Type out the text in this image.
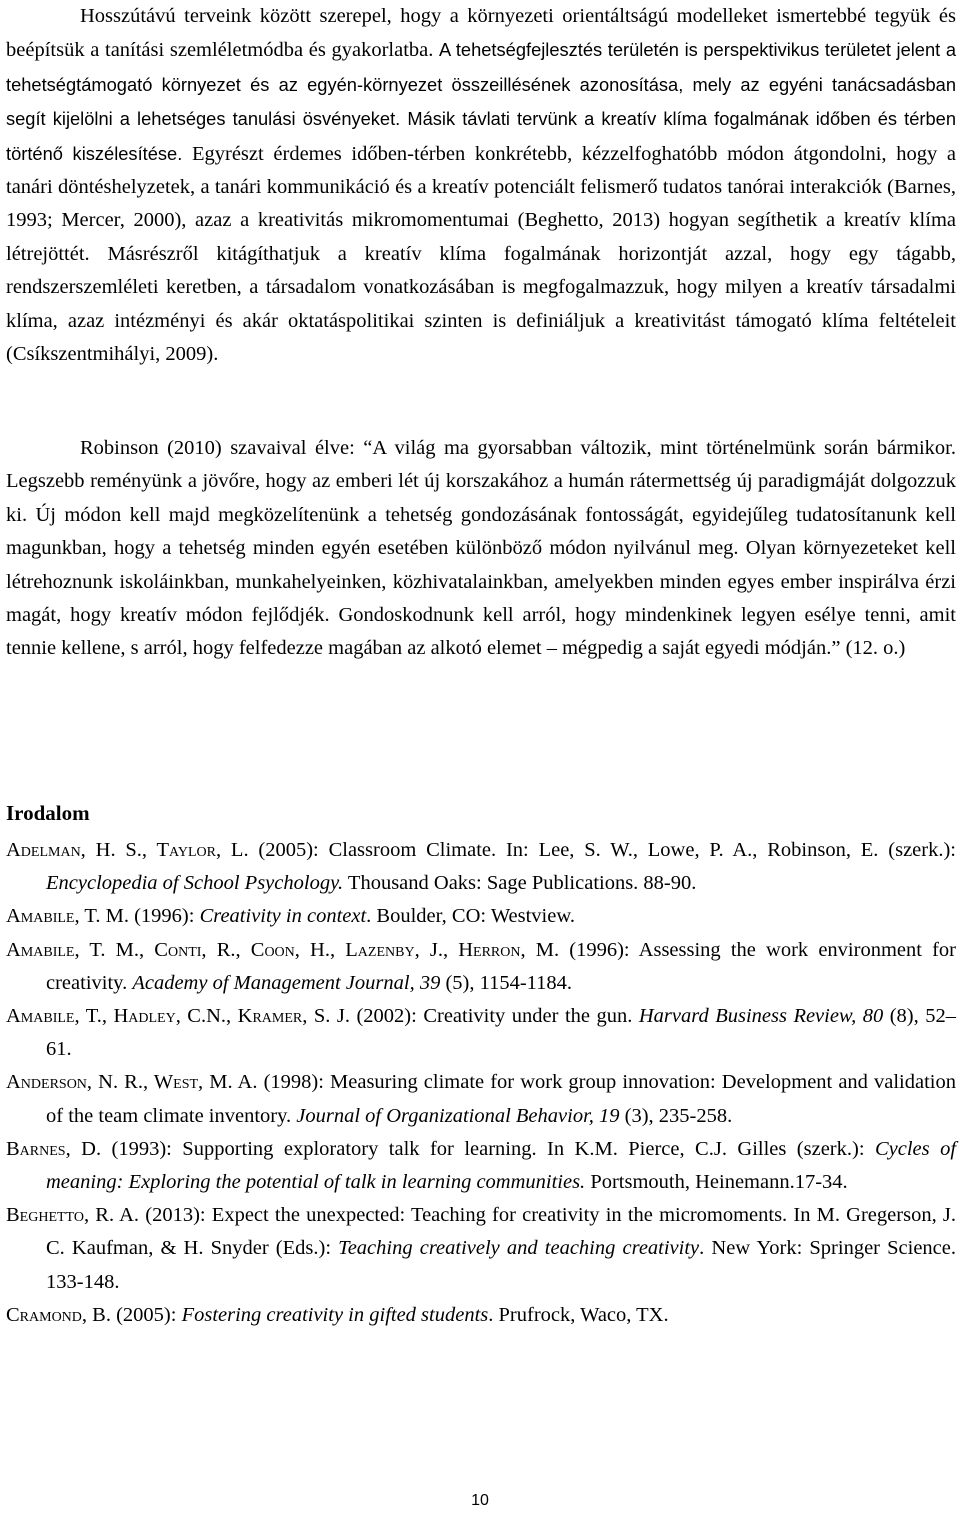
Hosszútávú terveink között szerepel, hogy a környezeti orientáltságú modelleket ismertebbé tegyük és beépítsük a tanítási szemléletmódba és gyakorlatba. A tehetségfejlesztés területén is perspektivikus területet jelent a tehetségtámogató környezet és az egyén-környezet összeillésének azonosítása, mely az egyéni tanácsadásban segít kijelölni a lehetséges tanulási ösvényeket. Másik távlati tervünk a kreatív klíma fogalmának időben és térben történő kiszélesítése. Egyrészt érdemes időben-térben konkrétebb, kézzelfoghatóbb módon átgondolni, hogy a tanári döntéshelyzetek, a tanári kommunikáció és a kreatív potenciált felismerő tudatos tanórai interakciók (Barnes, 1993; Mercer, 2000), azaz a kreativitás mikromomentumai (Beghetto, 2013) hogyan segíthetik a kreatív klíma létrejöttét. Másrészről kitágíthatjuk a kreatív klíma fogalmának horizontját azzal, hogy egy tágabb, rendszerszemléleti keretben, a társadalom vonatkozásában is megfogalmazzuk, hogy milyen a kreatív társadalmi klíma, azaz intézményi és akár oktatáspolitikai szinten is definiáljuk a kreativitást támogató klíma feltételeit (Csíkszentmihályi, 2009).

Robinson (2010) szavaival élve: “A világ ma gyorsabban változik, mint történelmünk során bármikor. Legszebb reményünk a jövőre, hogy az emberi lét új korszakához a humán rátermettség új paradigmáját dolgozzuk ki. Új módon kell majd megközelítenünk a tehetség gondozásának fontosságát, egyidejűleg tudatosítanunk kell magunkban, hogy a tehetség minden egyén esetében különböző módon nyilvánul meg. Olyan környezeteket kell létrehoznunk iskoláinkban, munkahelyeinken, közhivatalainkban, amelyekben minden egyes ember inspirálva érzi magát, hogy kreatív módon fejlődjék. Gondoskodnunk kell arról, hogy mindenkinek legyen esélye tenni, amit tennie kellene, s arról, hogy felfedezze magában az alkotó elemet – mégpedig a saját egyedi módján.” (12. o.)

Irodalom

Adelman, H. S., Taylor, L. (2005): Classroom Climate. In: Lee, S. W., Lowe, P. A., Robinson, E. (szerk.): Encyclopedia of School Psychology. Thousand Oaks: Sage Publications. 88-90.

Amabile, T. M. (1996): Creativity in context. Boulder, CO: Westview.

Amabile, T. M., Conti, R., Coon, H., Lazenby, J., Herron, M. (1996): Assessing the work environment for creativity. Academy of Management Journal, 39 (5), 1154-1184.

Amabile, T., Hadley, C.N., Kramer, S. J. (2002): Creativity under the gun. Harvard Business Review, 80 (8), 52–61.

Anderson, N. R., West, M. A. (1998): Measuring climate for work group innovation: Development and validation of the team climate inventory. Journal of Organizational Behavior, 19 (3), 235-258.

Barnes, D. (1993): Supporting exploratory talk for learning. In K.M. Pierce, C.J. Gilles (szerk.): Cycles of meaning: Exploring the potential of talk in learning communities. Portsmouth, Heinemann.17-34.

Beghetto, R. A. (2013): Expect the unexpected: Teaching for creativity in the micromoments. In M. Gregerson, J. C. Kaufman, & H. Snyder (Eds.): Teaching creatively and teaching creativity. New York: Springer Science. 133-148.

Cramond, B. (2005): Fostering creativity in gifted students. Prufrock, Waco, TX.

10
